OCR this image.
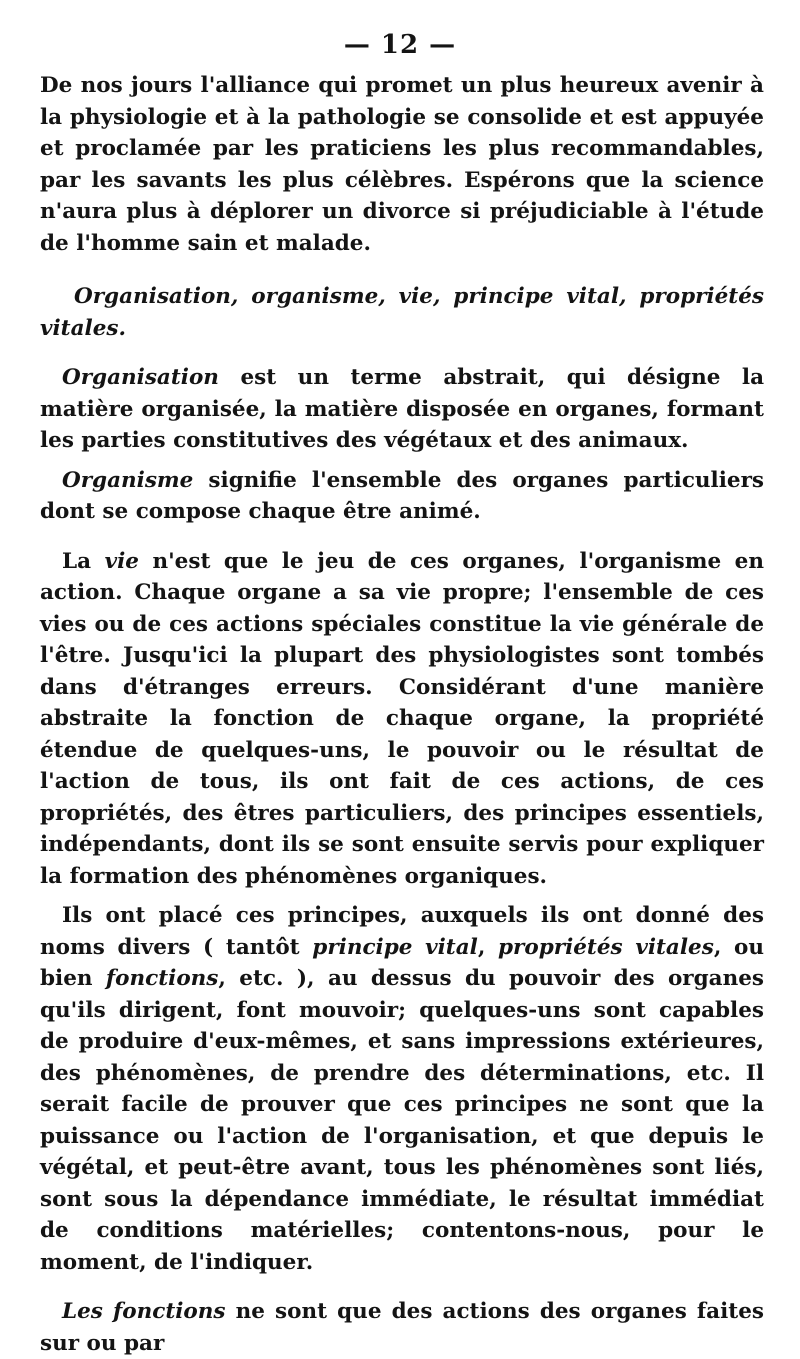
— 12 —

De nos jours l'alliance qui promet un plus heureux avenir à la physiologie et à la pathologie se consolide et est appuyée et proclamée par les praticiens les plus recommandables, par les savants les plus célèbres. Espérons que la science n'aura plus à déplorer un divorce si préjudiciable à l'étude de l'homme sain et malade.

Organisation, organisme, vie, principe vital, propriétés vitales.

Organisation est un terme abstrait, qui désigne la matière organisée, la matière disposée en organes, formant les parties constitutives des végétaux et des animaux.

Organisme signifie l'ensemble des organes particuliers dont se compose chaque être animé.

La vie n'est que le jeu de ces organes, l'organisme en action. Chaque organe a sa vie propre; l'ensemble de ces vies ou de ces actions spéciales constitue la vie générale de l'être. Jusqu'ici la plupart des physiologistes sont tombés dans d'étranges erreurs. Considérant d'une manière abstraite la fonction de chaque organe, la propriété étendue de quelques-uns, le pouvoir ou le résultat de l'action de tous, ils ont fait de ces actions, de ces propriétés, des êtres particuliers, des principes essentiels, indépendants, dont ils se sont ensuite servis pour expliquer la formation des phénomènes organiques.

Ils ont placé ces principes, auxquels ils ont donné des noms divers ( tantôt principe vital, propriétés vitales, ou bien fonctions, etc. ), au dessus du pouvoir des organes qu'ils dirigent, font mouvoir; quelques-uns sont capables de produire d'eux-mêmes, et sans impressions extérieures, des phénomènes, de prendre des déterminations, etc. Il serait facile de prouver que ces principes ne sont que la puissance ou l'action de l'organisation, et que depuis le végétal, et peut-être avant, tous les phénomènes sont liés, sont sous la dépendance immédiate, le résultat immédiat de conditions matérielles; contentons-nous, pour le moment, de l'indiquer.

Les fonctions ne sont que des actions des organes faites sur ou par
